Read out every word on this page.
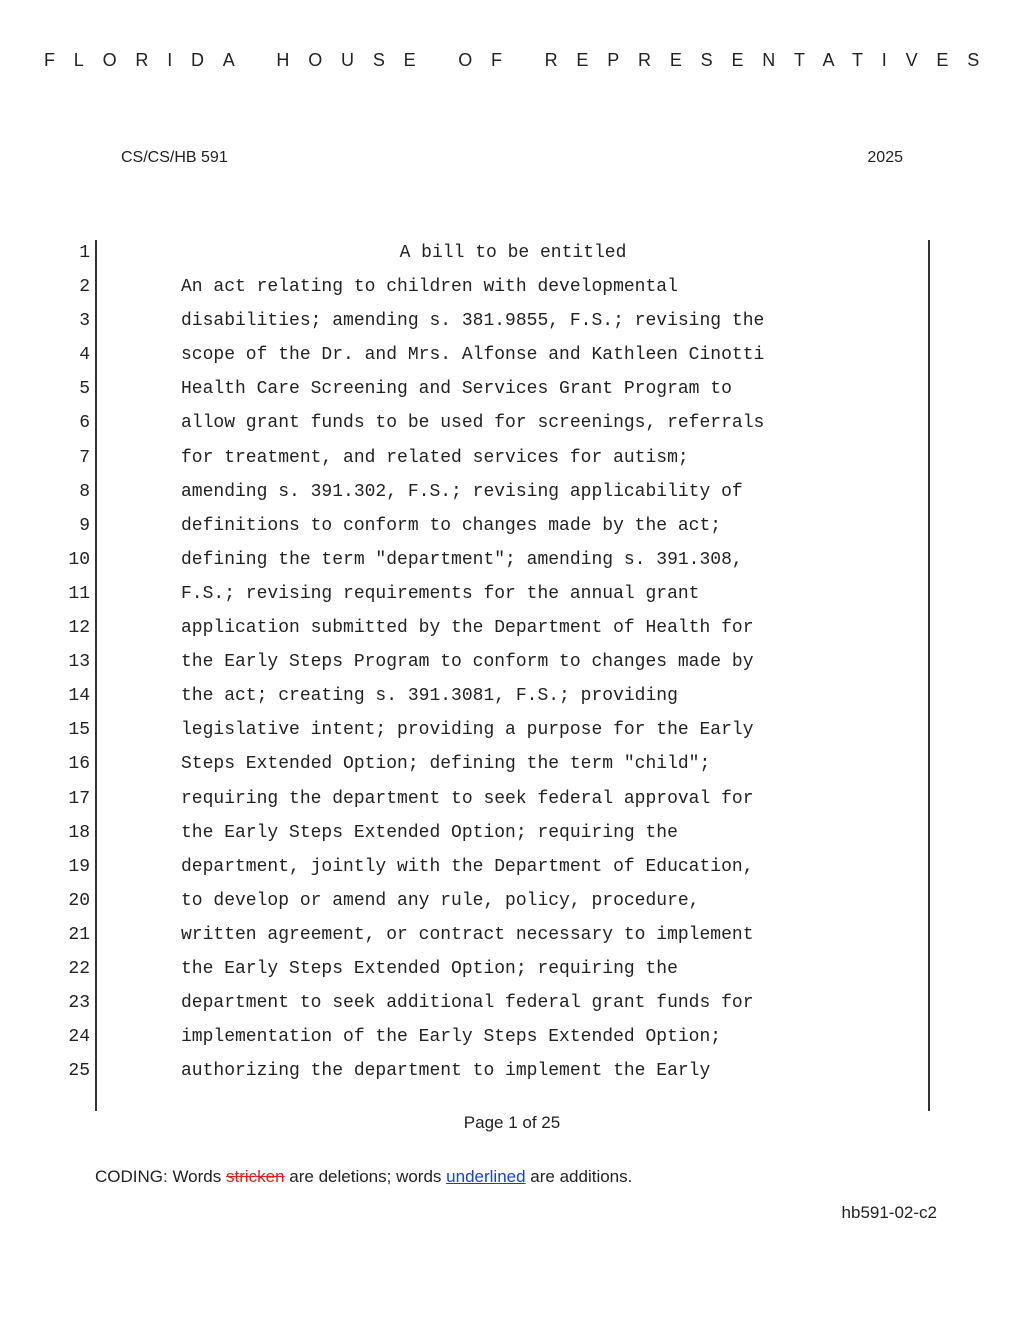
FLORIDA HOUSE OF REPRESENTATIVES
CS/CS/HB 591	2025
1	A bill to be entitled
2	An act relating to children with developmental
3	disabilities; amending s. 381.9855, F.S.; revising the
4	scope of the Dr. and Mrs. Alfonse and Kathleen Cinotti
5	Health Care Screening and Services Grant Program to
6	allow grant funds to be used for screenings, referrals
7	for treatment, and related services for autism;
8	amending s. 391.302, F.S.; revising applicability of
9	definitions to conform to changes made by the act;
10	defining the term "department"; amending s. 391.308,
11	F.S.; revising requirements for the annual grant
12	application submitted by the Department of Health for
13	the Early Steps Program to conform to changes made by
14	the act; creating s. 391.3081, F.S.; providing
15	legislative intent; providing a purpose for the Early
16	Steps Extended Option; defining the term "child";
17	requiring the department to seek federal approval for
18	the Early Steps Extended Option; requiring the
19	department, jointly with the Department of Education,
20	to develop or amend any rule, policy, procedure,
21	written agreement, or contract necessary to implement
22	the Early Steps Extended Option; requiring the
23	department to seek additional federal grant funds for
24	implementation of the Early Steps Extended Option;
25	authorizing the department to implement the Early
Page 1 of 25
CODING: Words stricken are deletions; words underlined are additions.
hb591-02-c2
